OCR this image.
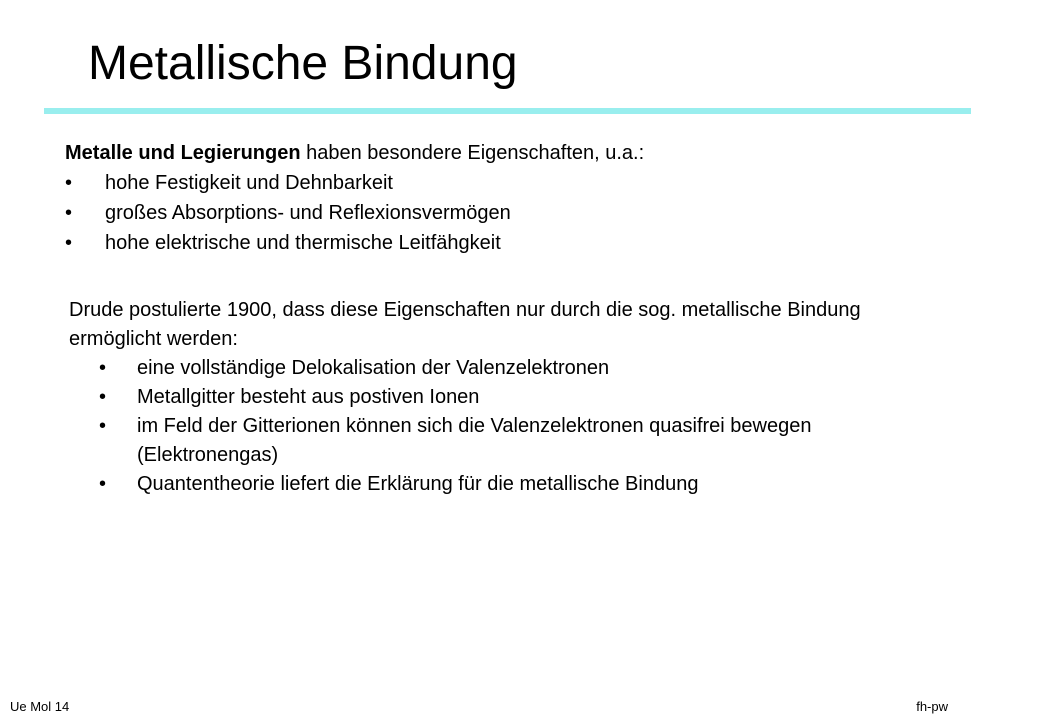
Metallische Bindung

Metalle und Legierungen haben besondere Eigenschaften, u.a.:

• hohe Festigkeit und Dehnbarkeit
• großes Absorptions- und Reflexionsvermögen
• hohe elektrische und thermische Leitfähgkeit

Drude postulierte 1900, dass diese Eigenschaften nur durch die sog. metallische Bindung ermöglicht werden:

• eine vollständige Delokalisation der Valenzelektronen
• Metallgitter besteht aus postiven Ionen
• im Feld der Gitterionen können sich die Valenzelektronen quasifrei bewegen (Elektronengas)
• Quantentheorie liefert die Erklärung für die metallische Bindung
Ue Mol 14	fh-pw
